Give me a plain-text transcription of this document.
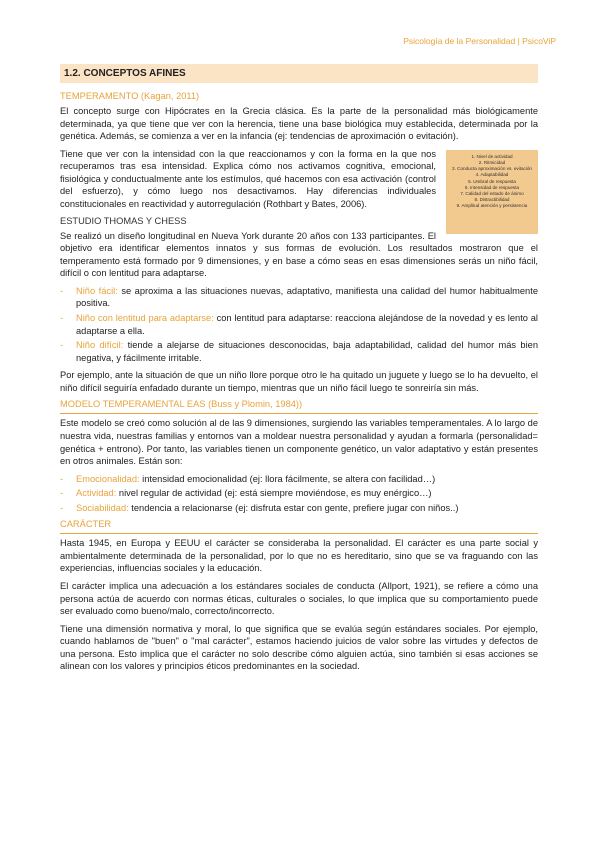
Psicología de la Personalidad | PsicoViP
1.2. CONCEPTOS AFINES
TEMPERAMENTO (Kagan, 2011)

El concepto surge con Hipócrates en la Grecia clásica. Es la parte de la personalidad más biológicamente determinada, ya que tiene que ver con la herencia, tiene una base biológica muy establecida, determinada por la genética. Además, se comienza a ver en la infancia (ej: tendencias de aproximación o evitación).

1. Nivel de actividad
2. Ritmicidad
3. Conducta aproximación vs. evitación
4. Adaptabilidad
5. Umbral de respuesta
6. Intensidad de respuesta
7. Calidad del estado de ánimo
8. Distractibilidad
9. Amplitud atención y persistencia

Tiene que ver con la intensidad con la que reaccionamos y con la forma en la que nos recuperamos tras esa intensidad. Explica cómo nos activamos cognitiva, emocional, fisiológica y conductualmente ante los estímulos, qué hacemos con esa activación (control del esfuerzo), y cómo luego nos desactivamos. Hay diferencias individuales constitucionales en reactividad y autorregulación (Rothbart y Bates, 2006).

ESTUDIO THOMAS Y CHESS

Se realizó un diseño longitudinal en Nueva York durante 20 años con 133 participantes. El objetivo era identificar elementos innatos y sus formas de evolución. Los resultados mostraron que el temperamento está formado por 9 dimensiones, y en base a cómo seas en esas dimensiones serás un niño fácil, difícil o con lentitud para adaptarse.

- Niño fácil: se aproxima a las situaciones nuevas, adaptativo, manifiesta una calidad del humor habitualmente positiva.
- Niño con lentitud para adaptarse: con lentitud para adaptarse: reacciona alejándose de la novedad y es lento al adaptarse a ella.
- Niño difícil: tiende a alejarse de situaciones desconocidas, baja adaptabilidad, calidad del humor más bien negativa, y fácilmente irritable.

Por ejemplo, ante la situación de que un niño llore porque otro le ha quitado un juguete y luego se lo ha devuelto, el niño difícil seguiría enfadado durante un tiempo, mientras que un niño fácil luego te sonreiría sin más.

MODELO TEMPERAMENTAL EAS (Buss y Plomin, 1984))

Este modelo se creó como solución al de las 9 dimensiones, surgiendo las variables temperamentales. A lo largo de nuestra vida, nuestras familias y entornos van a moldear nuestra personalidad y ayudan a formarla (personalidad= genética + entrono). Por tanto, las variables tienen un componente genético, un valor adaptativo y están presentes en otros animales. Están son:

- Emocionalidad: intensidad emocionalidad (ej: llora fácilmente, se altera con facilidad…)
- Actividad: nivel regular de actividad (ej: está siempre moviéndose, es muy enérgico…)
- Sociabilidad: tendencia a relacionarse (ej: disfruta estar con gente, prefiere jugar con niños..)
CARÁCTER

Hasta 1945, en Europa y EEUU el carácter se consideraba la personalidad. El carácter es una parte social y ambientalmente determinada de la personalidad, por lo que no es hereditario, sino que se va fraguando con las experiencias, influencias sociales y la educación.

El carácter implica una adecuación a los estándares sociales de conducta (Allport, 1921), se refiere a cómo una persona actúa de acuerdo con normas éticas, culturales o sociales, lo que implica que su comportamiento puede ser evaluado como bueno/malo, correcto/incorrecto.

Tiene una dimensión normativa y moral, lo que significa que se evalúa según estándares sociales. Por ejemplo, cuando hablamos de "buen" o "mal carácter", estamos haciendo juicios de valor sobre las virtudes y defectos de una persona. Esto implica que el carácter no solo describe cómo alguien actúa, sino también si esas acciones se alinean con los valores y principios éticos predominantes en la sociedad.
